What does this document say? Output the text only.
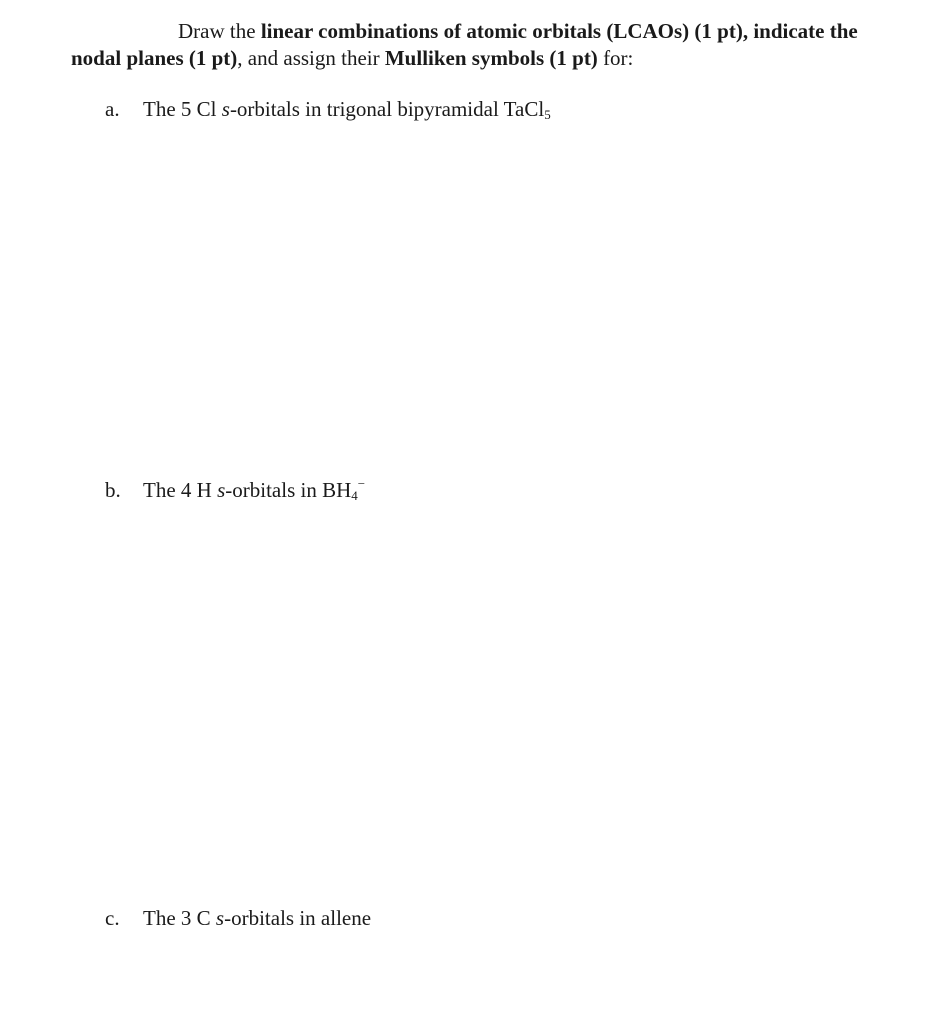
Draw the linear combinations of atomic orbitals (LCAOs) (1 pt), indicate the nodal planes (1 pt), and assign their Mulliken symbols (1 pt) for:

a. The 5 Cl s-orbitals in trigonal bipyramidal TaCl$_5$
b. The 4 H s-orbitals in $BH_4^-$
c. The 3 C s-orbitals in allene
